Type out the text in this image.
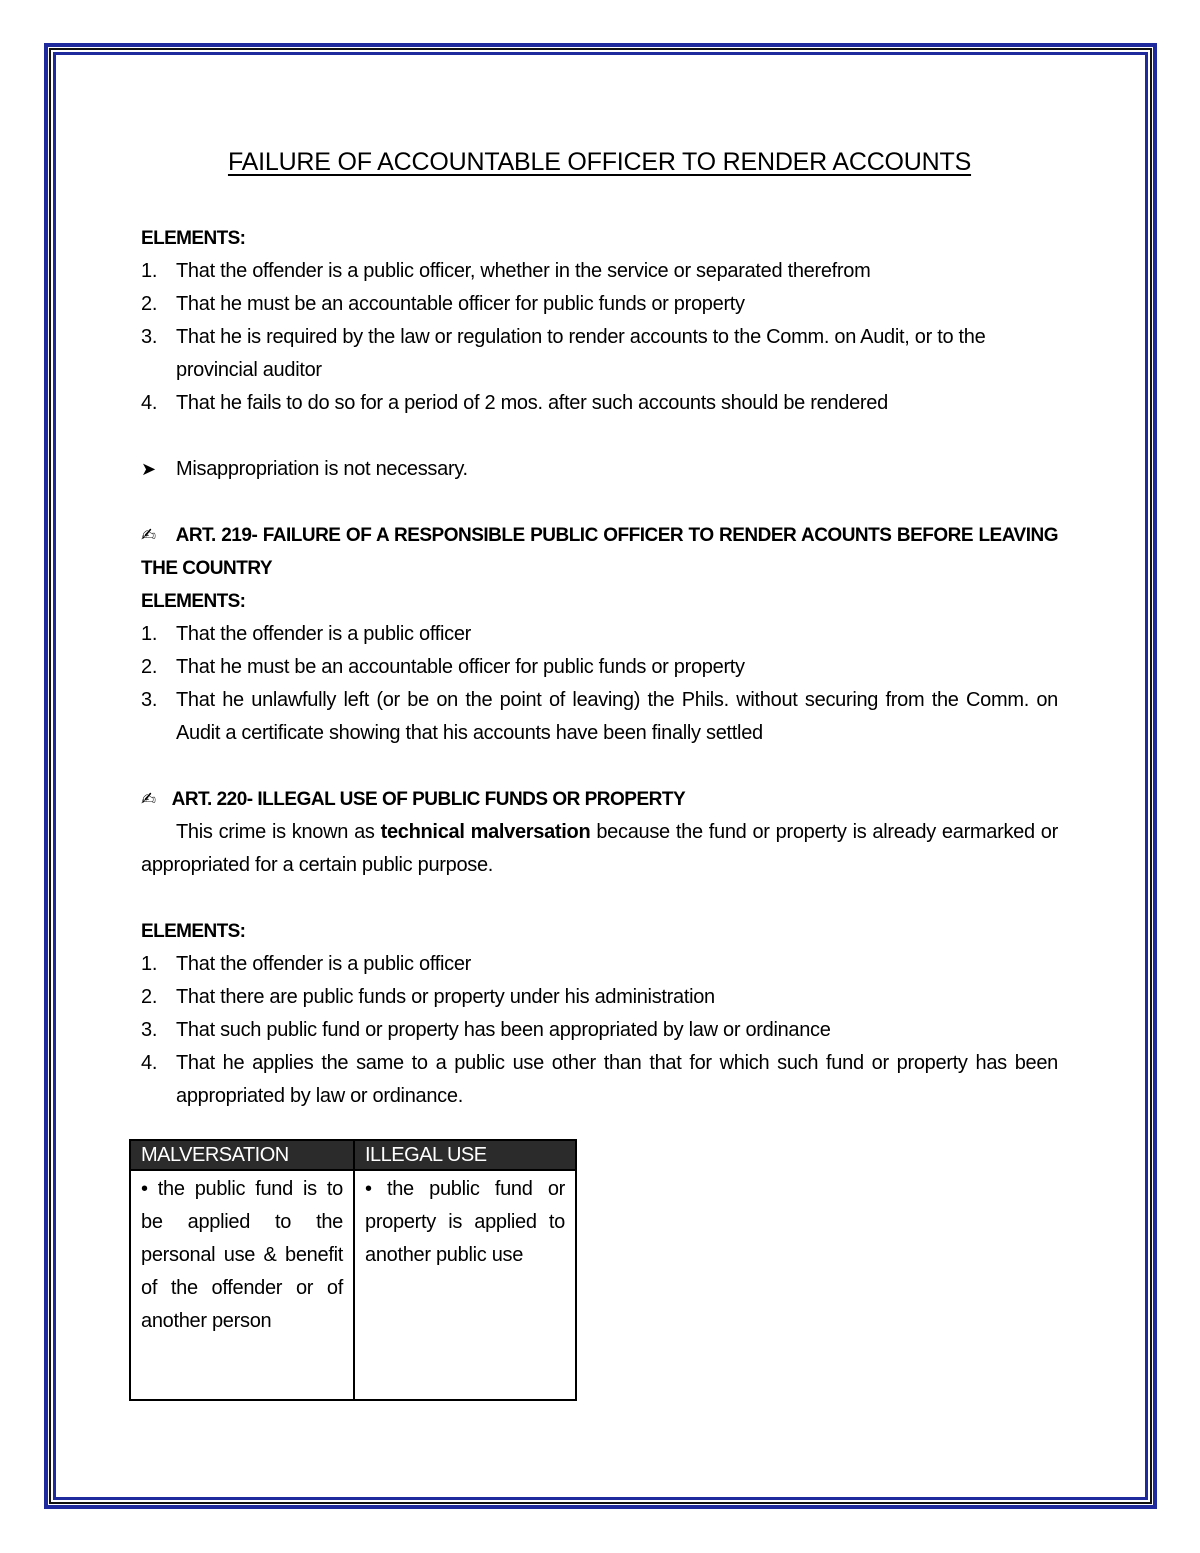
FAILURE OF ACCOUNTABLE OFFICER TO RENDER ACCOUNTS
ELEMENTS:
1. That the offender is a public officer, whether in the service or separated therefrom
2. That he must be an accountable officer for public funds or property
3. That he is required by the law or regulation to render accounts to the Comm. on Audit, or to the provincial auditor
4. That he fails to do so for a period of 2 mos. after such accounts should be rendered
➤ Misappropriation is not necessary.
✍ ART. 219- FAILURE OF A RESPONSIBLE PUBLIC OFFICER TO RENDER ACOUNTS BEFORE LEAVING THE COUNTRY
ELEMENTS:
1. That the offender is a public officer
2. That he must be an accountable officer for public funds or property
3. That he unlawfully left (or be on the point of leaving) the Phils. without securing from the Comm. on Audit a certificate showing that his accounts have been finally settled
✍ ART. 220- ILLEGAL USE OF PUBLIC FUNDS OR PROPERTY

This crime is known as technical malversation because the fund or property is already earmarked or appropriated for a certain public purpose.

ELEMENTS:
1. That the offender is a public officer
2. That there are public funds or property under his administration
3. That such public fund or property has been appropriated by law or ordinance
4. That he applies the same to a public use other than that for which such fund or property has been appropriated by law or ordinance.
MALVERSATION	ILLEGAL USE
• the public fund is to be applied to the personal use & benefit of the offender or of another person	• the public fund or property is applied to another public use
